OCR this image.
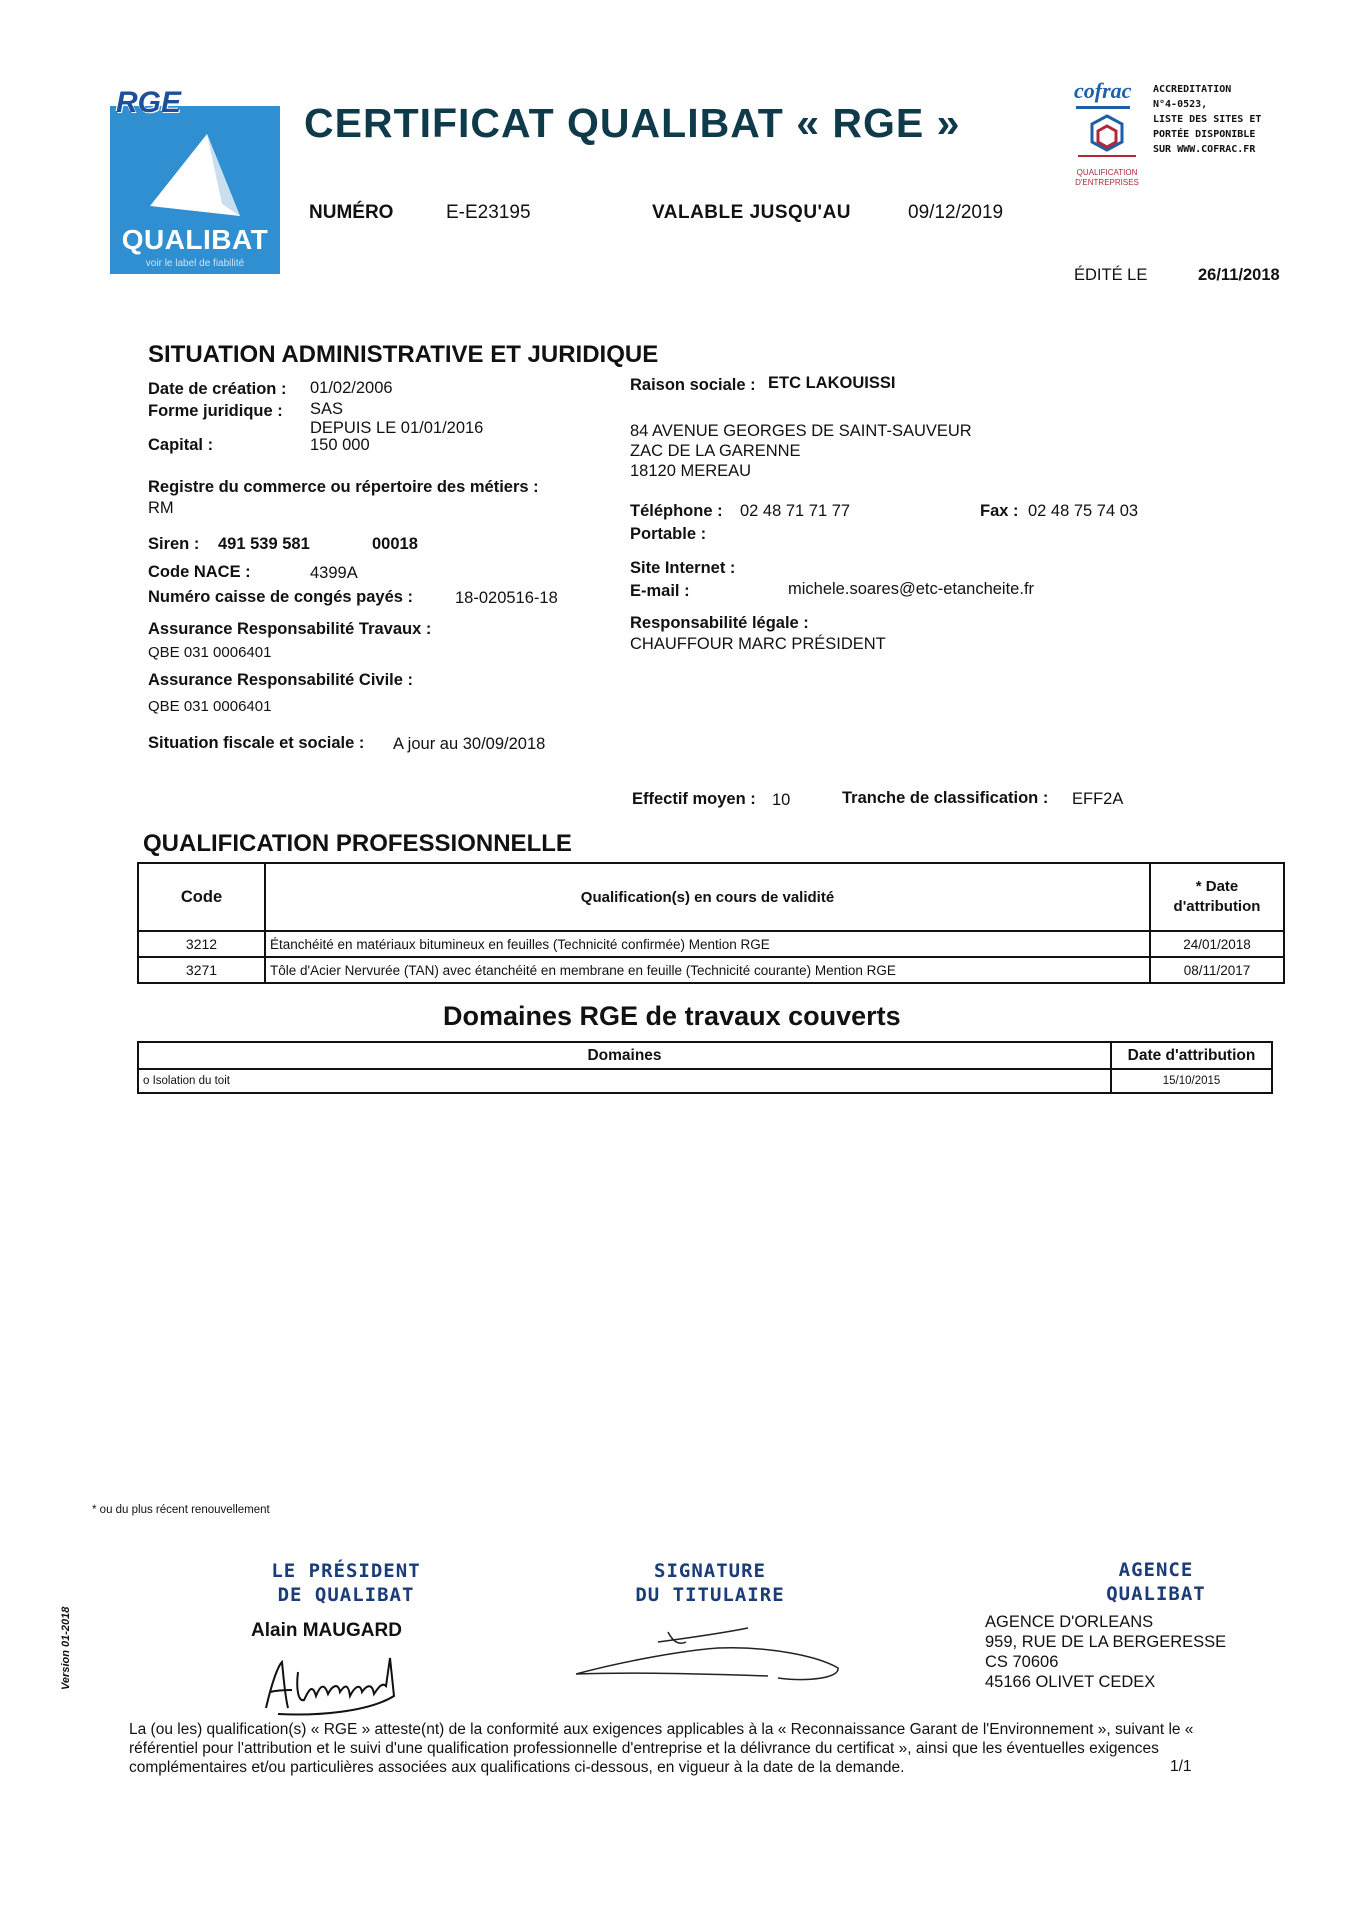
RGE
QUALIBAT
voir le label de fiabilité
CERTIFICAT QUALIBAT « RGE »
cofrac
QUALIFICATION D'ENTREPRISES
ACCREDITATION
N°4-0523,
LISTE DES SITES ET
PORTÉE DISPONIBLE
SUR WWW.COFRAC.FR
NUMÉRO	E-E23195	VALABLE JUSQU'AU	09/12/2019
ÉDITÉ LE	26/11/2018
SITUATION ADMINISTRATIVE ET JURIDIQUE
Date de création : 01/02/2006
Forme juridique : SAS
DEPUIS LE 01/01/2016
Capital :	150 000
Registre du commerce ou répertoire des métiers :
RM
Siren : 491 539 581	00018
Code NACE :	4399A
Numéro caisse de congés payés :	18-020516-18
Assurance Responsabilité Travaux :
QBE 031 0006401
Assurance Responsabilité Civile :
QBE 031 0006401
Situation fiscale et sociale : A jour au 30/09/2018
Raison sociale : ETC LAKOUISSI
84 AVENUE GEORGES DE SAINT-SAUVEUR
ZAC DE LA GARENNE
18120 MEREAU
Téléphone : 02 48 71 71 77	Fax : 02 48 75 74 03
Portable :
Site Internet :
E-mail :	michele.soares@etc-etancheite.fr
Responsabilité légale :
CHAUFFOUR MARC PRÉSIDENT
Effectif moyen : 10	Tranche de classification : EFF2A
QUALIFICATION PROFESSIONNELLE
Code	Qualification(s) en cours de validité	* Date
d'attribution

3212	Étanchéité en matériaux bitumineux en feuilles (Technicité confirmée) Mention RGE	24/01/2018
3271	Tôle d'Acier Nervurée (TAN) avec étanchéité en membrane en feuille (Technicité courante) Mention RGE	08/11/2017
Domaines RGE de travaux couverts
Domaines	Date d'attribution
o Isolation du toit	15/10/2015
* ou du plus récent renouvellement
LE PRÉSIDENT
DE QUALIBAT
Alain MAUGARD
SIGNATURE
DU TITULAIRE
AGENCE
QUALIBAT
AGENCE D'ORLEANS
959, RUE DE LA BERGERESSE
CS 70606
45166 OLIVET CEDEX
Version 01-2018
La (ou les) qualification(s) « RGE » atteste(nt) de la conformité aux exigences applicables à la « Reconnaissance Garant de l'Environnement », suivant le «
référentiel pour l'attribution et le suivi d'une qualification professionnelle d'entreprise et la délivrance du certificat », ainsi que les éventuelles exigences
complémentaires et/ou particulières associées aux qualifications ci-dessous, en vigueur à la date de la demande.	1/1
